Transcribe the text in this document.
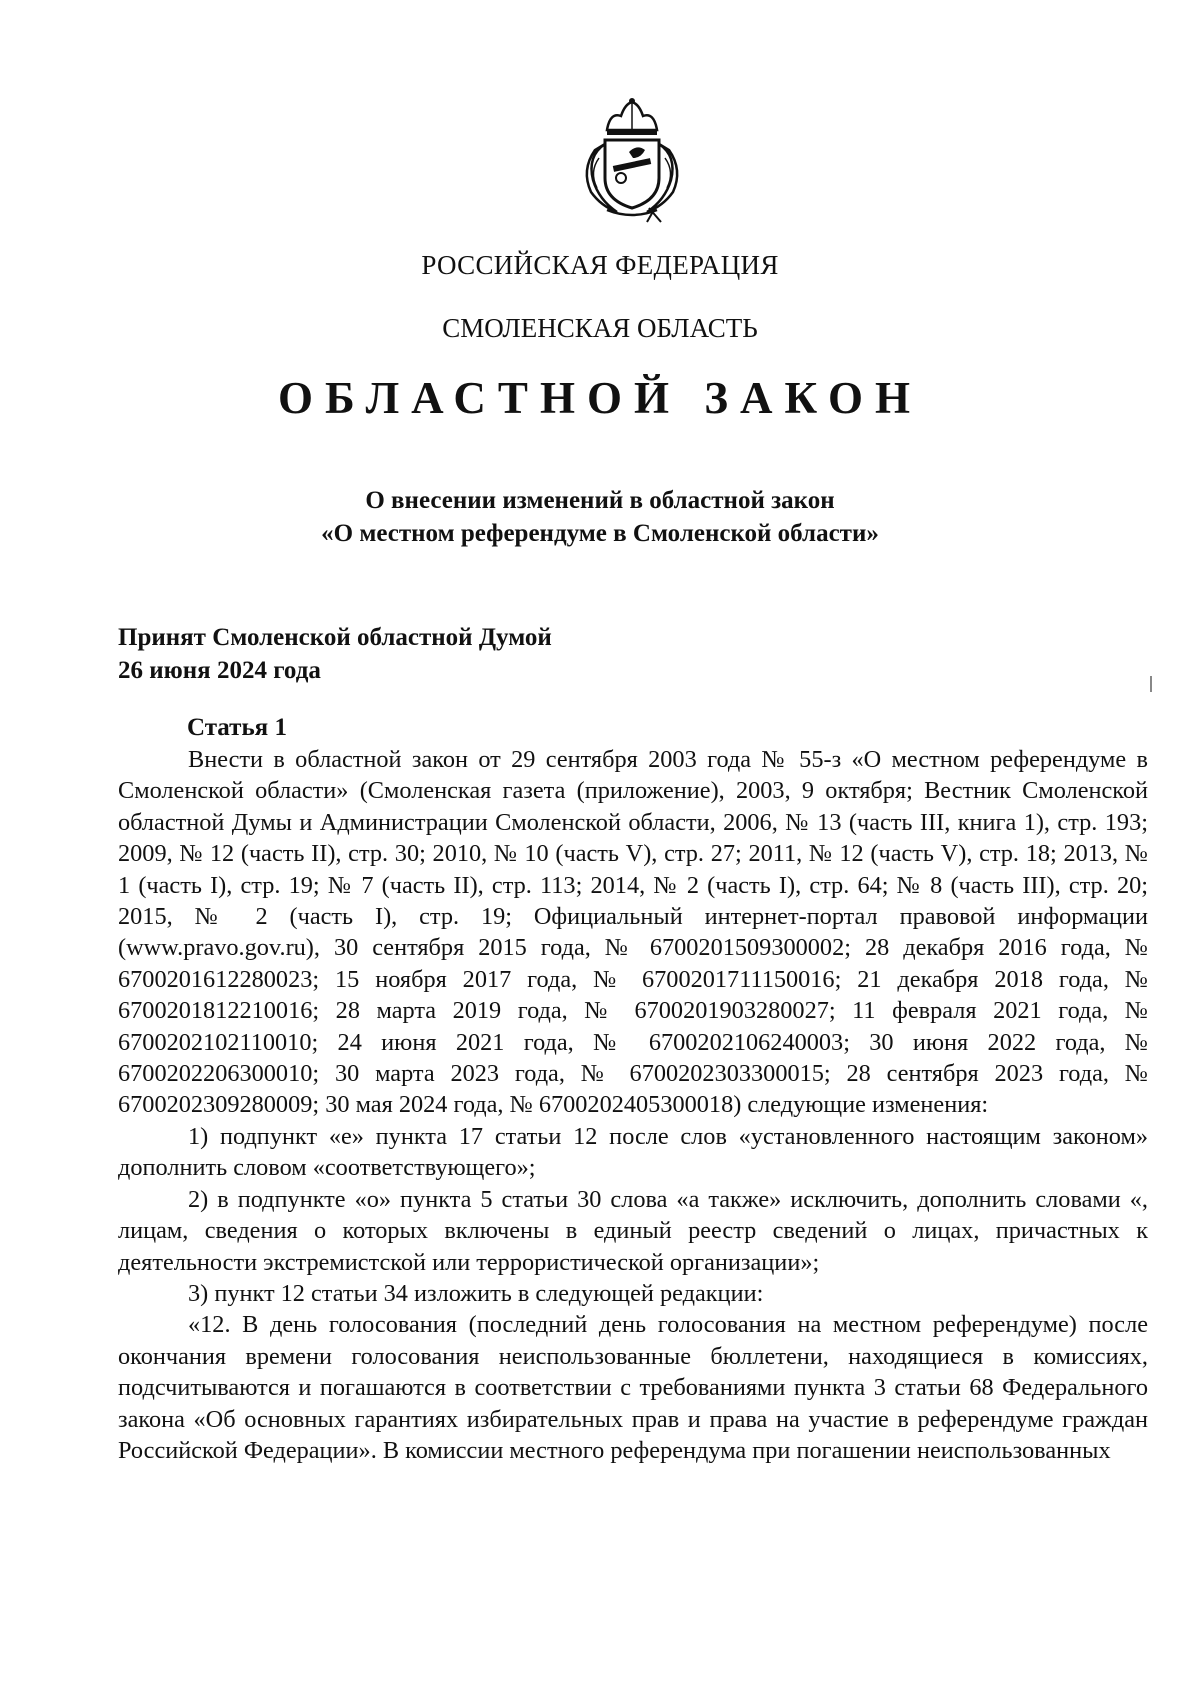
РОССИЙСКАЯ ФЕДЕРАЦИЯ
СМОЛЕНСКАЯ ОБЛАСТЬ
ОБЛАСТНОЙ ЗАКОН
О внесении изменений в областной закон
«О местном референдуме в Смоленской области»
Принят Смоленской областной Думой
26 июня 2024 года
Статья 1

Внести в областной закон от 29 сентября 2003 года № 55-з «О местном референдуме в Смоленской области» (Смоленская газета (приложение), 2003, 9 октября; Вестник Смоленской областной Думы и Администрации Смоленской области, 2006, № 13 (часть III, книга 1), стр. 193; 2009, № 12 (часть II), стр. 30; 2010, № 10 (часть V), стр. 27; 2011, № 12 (часть V), стр. 18; 2013, № 1 (часть I), стр. 19; № 7 (часть II), стр. 113; 2014, № 2 (часть I), стр. 64; № 8 (часть III), стр. 20; 2015, № 2 (часть I), стр. 19; Официальный интернет-портал правовой информации (www.pravo.gov.ru), 30 сентября 2015 года, № 6700201509300002; 28 декабря 2016 года, № 6700201612280023; 15 ноября 2017 года, № 6700201711150016; 21 декабря 2018 года, № 6700201812210016; 28 марта 2019 года, № 6700201903280027; 11 февраля 2021 года, № 6700202102110010; 24 июня 2021 года, № 6700202106240003; 30 июня 2022 года, № 6700202206300010; 30 марта 2023 года, № 6700202303300015; 28 сентября 2023 года, № 6700202309280009; 30 мая 2024 года, № 6700202405300018) следующие изменения:

1) подпункт «е» пункта 17 статьи 12 после слов «установленного настоящим законом» дополнить словом «соответствующего»;

2) в подпункте «о» пункта 5 статьи 30 слова «а также» исключить, дополнить словами «, лицам, сведения о которых включены в единый реестр сведений о лицах, причастных к деятельности экстремистской или террористической организации»;

3) пункт 12 статьи 34 изложить в следующей редакции:

«12. В день голосования (последний день голосования на местном референдуме) после окончания времени голосования неиспользованные бюллетени, находящиеся в комиссиях, подсчитываются и погашаются в соответствии с требованиями пункта 3 статьи 68 Федерального закона «Об основных гарантиях избирательных прав и права на участие в референдуме граждан Российской Федерации». В комиссии местного референдума при погашении неиспользованных
